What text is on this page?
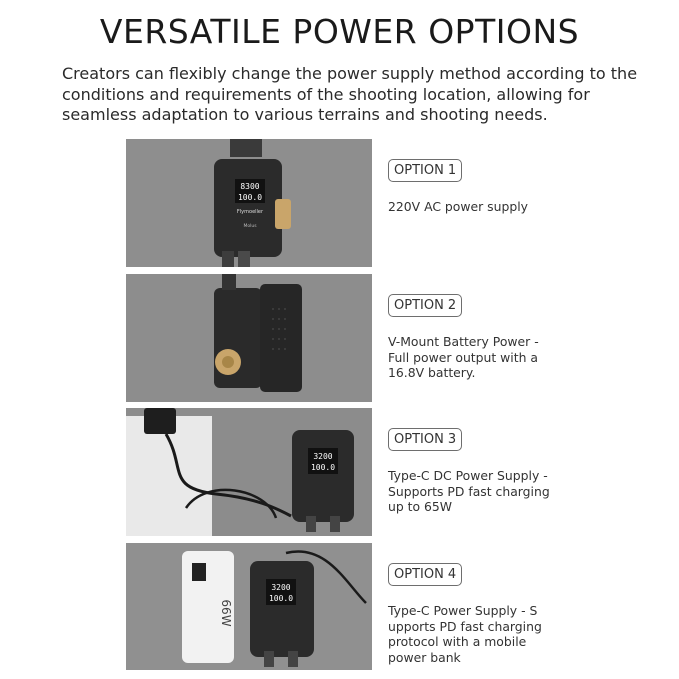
VERSATILE POWER OPTIONS
Creators can flexibly change the power supply method according to the conditions and requirements of the shooting location, allowing for seamless adaptation to various terrains and shooting needs.
8300
100.0
Flymoeller
Molus
OPTION 1
220V AC power supply
OPTION 2
V-Mount Battery Power - Full power output with a 16.8V battery.
3200
100.0
OPTION 3
Type-C DC Power Supply - Supports PD fast charging up to 65W
66W
3200
100.0
OPTION 4
Type-C Power Supply - S upports PD fast charging protocol with a mobile power bank
